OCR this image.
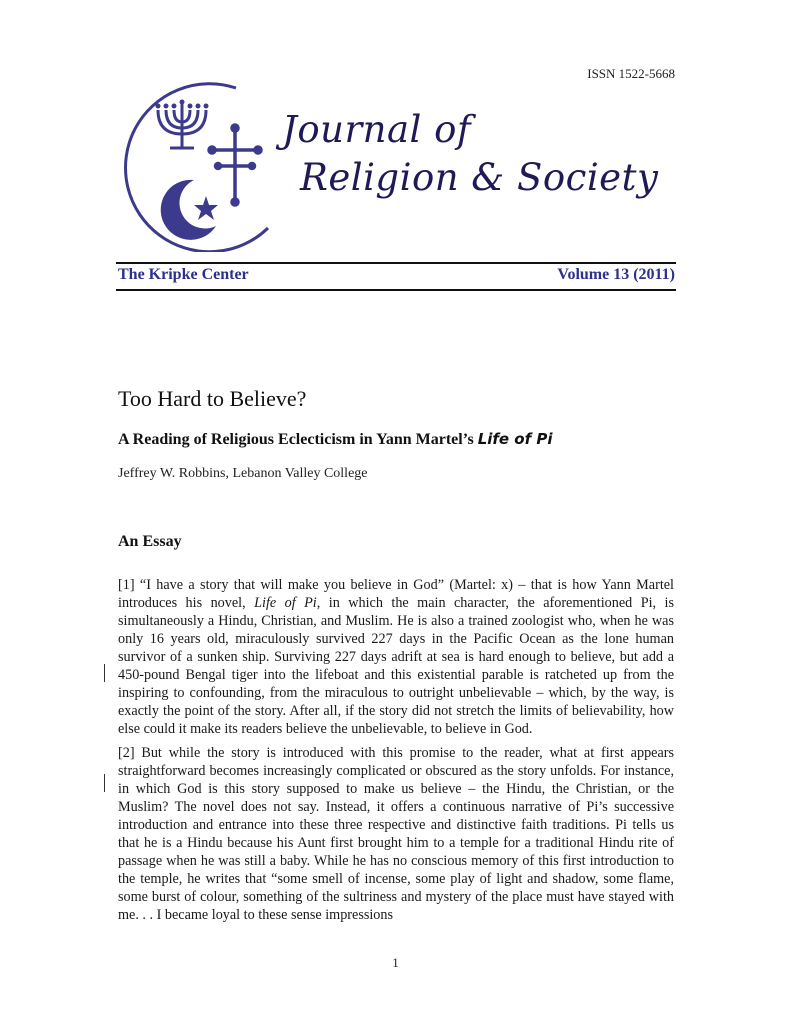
ISSN 1522-5668
Journal of
Religion & Society
The Kripke Center	Volume 13 (2011)
Too Hard to Believe?
A Reading of Religious Eclecticism in Yann Martel’s Life of Pi
Jeffrey W. Robbins, Lebanon Valley College
An Essay

[1] “I have a story that will make you believe in God” (Martel: x) – that is how Yann Martel introduces his novel, Life of Pi, in which the main character, the aforementioned Pi, is simultaneously a Hindu, Christian, and Muslim. He is also a trained zoologist who, when he was only 16 years old, miraculously survived 227 days in the Pacific Ocean as the lone human survivor of a sunken ship. Surviving 227 days adrift at sea is hard enough to believe, but add a 450-pound Bengal tiger into the lifeboat and this existential parable is ratcheted up from the inspiring to confounding, from the miraculous to outright unbelievable – which, by the way, is exactly the point of the story. After all, if the story did not stretch the limits of believability, how else could it make its readers believe the unbelievable, to believe in God.

[2] But while the story is introduced with this promise to the reader, what at first appears straightforward becomes increasingly complicated or obscured as the story unfolds. For instance, in which God is this story supposed to make us believe – the Hindu, the Christian, or the Muslim? The novel does not say. Instead, it offers a continuous narrative of Pi’s successive introduction and entrance into these three respective and distinctive faith traditions. Pi tells us that he is a Hindu because his Aunt first brought him to a temple for a traditional Hindu rite of passage when he was still a baby. While he has no conscious memory of this first introduction to the temple, he writes that “some smell of incense, some play of light and shadow, some flame, some burst of colour, something of the sultriness and mystery of the place must have stayed with me. . . I became loyal to these sense impressions

1
